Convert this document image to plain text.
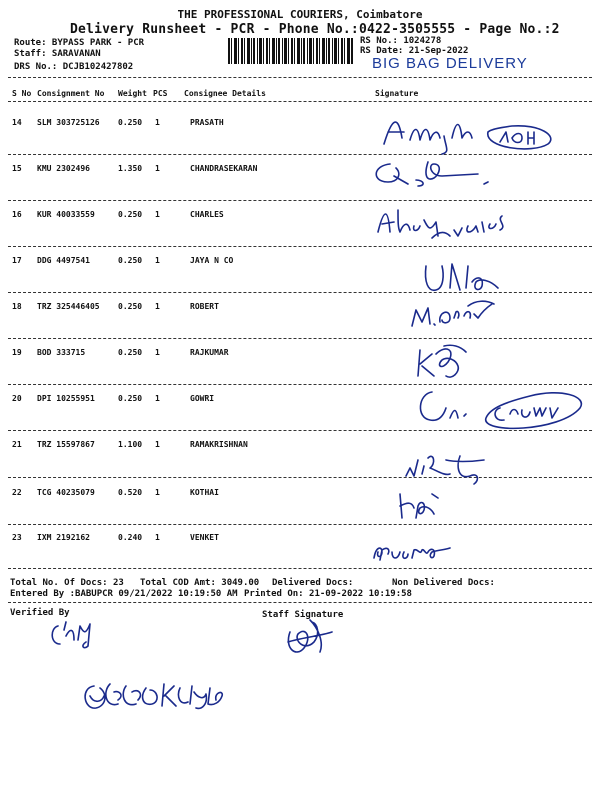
THE PROFESSIONAL COURIERS, Coimbatore
Delivery Runsheet - PCR - Phone No.:0422-3505555 - Page No.:2
Route: BYPASS PARK - PCR
Staff: SARAVANAN
DRS No.: DCJB102427802
RS No.: 1024278
RS Date: 21-Sep-2022
BIG BAG DELIVERY
S No Consignment No Weight PCS Consignee Details	Signature
14 SLM 303725126 0.250 1	PRASATH
15 KMU 2302496	1.350 1	CHANDRASEKARAN
16 KUR 40033559	0.250 1	CHARLES
17 DDG 4497541	0.250 1	JAYA N CO
18 TRZ 325446405 0.250 1	ROBERT
19 BOD 333715	0.250 1	RAJKUMAR
20 DPI 10255951	0.250 1	GOWRI
21 TRZ 15597867	1.100 1	RAMAKRISHNAN
22 TCG 40235079	0.520 1	KOTHAI
23 IXM 2192162	0.240 1	VENKET
Total No. Of Docs: 23 Total COD Amt: 3049.00 Delivered Docs:	Non Delivered Docs:
Entered By :BABUPCR 09/21/2022 10:19:50 AM Printed On: 21-09-2022 10:19:58
Verified By	Staff Signature
